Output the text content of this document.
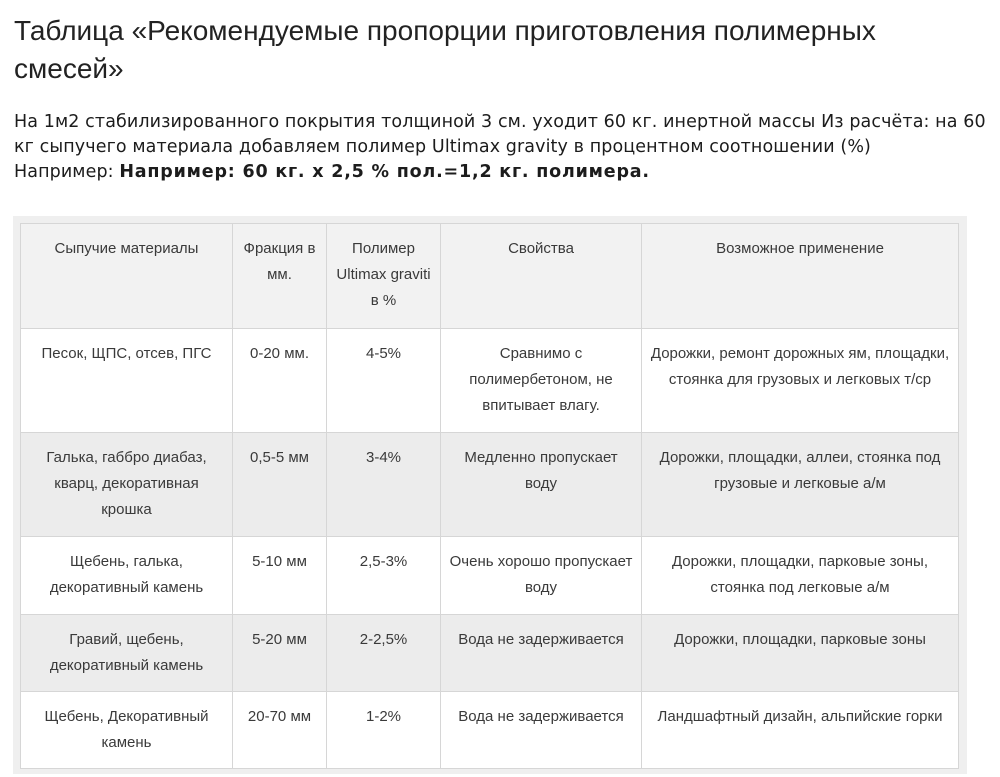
Таблица «Рекомендуемые пропорции приготовления полимерных смесей»

На 1м2 стабилизированного покрытия толщиной 3 см. уходит 60 кг. инертной массы Из расчёта: на 60 кг сыпучего материала добавляем полимер Ultimax gravity в процентном соотношении (%)
Например: Например: 60 кг. х 2,5 % пол.=1,2 кг. полимера.

Сыпучие материалы	Фракция в мм.	Полимер Ultimax graviti в %	Свойства	Возможное применение
Песок, ЩПС, отсев, ПГС	0-20 мм.	4-5%	Сравнимо с полимербетоном, не впитывает влагу.	Дорожки, ремонт дорожных ям, площадки, стоянка для грузовых и легковых т/ср
Галька, габбро диабаз, кварц, декоративная крошка	0,5-5 мм	3-4%	Медленно пропускает воду	Дорожки, площадки, аллеи, стоянка под грузовые и легковые а/м
Щебень, галька, декоративный камень	5-10 мм	2,5-3%	Очень хорошо пропускает воду	Дорожки, площадки, парковые зоны, стоянка под легковые а/м
Гравий, щебень, декоративный камень	5-20 мм	2-2,5%	Вода не задерживается	Дорожки, площадки, парковые зоны
Щебень, Декоративный камень	20-70 мм	1-2%	Вода не задерживается	Ландшафтный дизайн, альпийские горки
